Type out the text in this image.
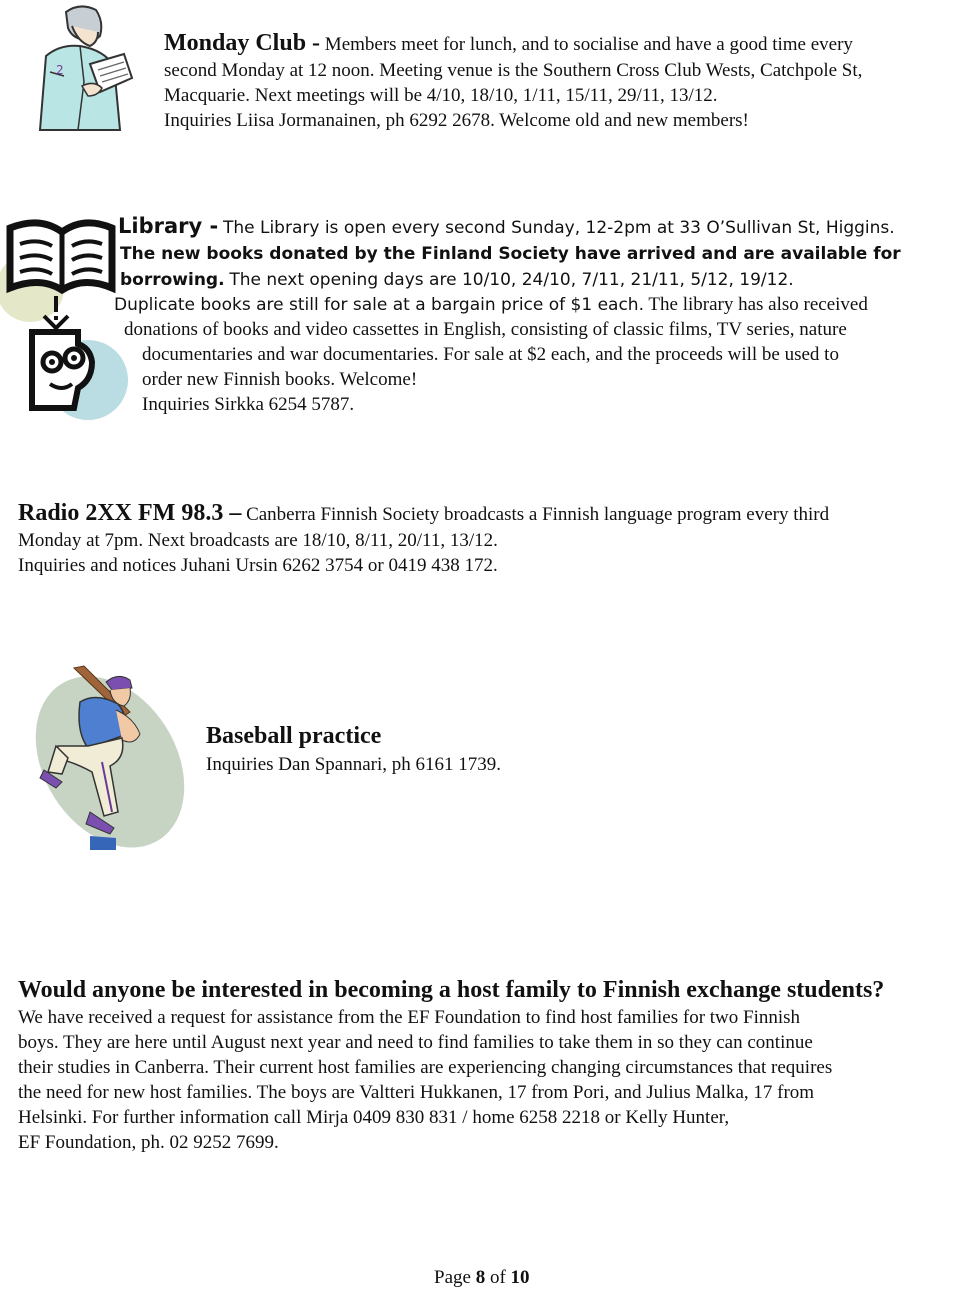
2
Monday Club - Members meet for lunch, and to socialise and have a good time every
second Monday at 12 noon. Meeting venue is the Southern Cross Club Wests, Catchpole St,
Macquarie. Next meetings will be 4/10, 18/10, 1/11, 15/11, 29/11, 13/12.
Inquiries Liisa Jormanainen, ph 6292 2678. Welcome old and new members!
Library - The Library is open every second Sunday, 12-2pm at 33 O’Sullivan St, Higgins.
The new books donated by the Finland Society have arrived and are available for
borrowing. The next opening days are 10/10, 24/10, 7/11, 21/11, 5/12, 19/12.
Duplicate books are still for sale at a bargain price of $1 each. The library has also received
donations of books and video cassettes in English, consisting of classic films, TV series, nature
documentaries and war documentaries. For sale at $2 each, and the proceeds will be used to
order new Finnish books. Welcome!
Inquiries Sirkka 6254 5787.
Radio 2XX FM 98.3 – Canberra Finnish Society broadcasts a Finnish language program every third
Monday at 7pm. Next broadcasts are 18/10, 8/11, 20/11, 13/12.
Inquiries and notices Juhani Ursin 6262 3754 or 0419 438 172.
Baseball practice
Inquiries Dan Spannari, ph 6161 1739.
Would anyone be interested in becoming a host family to Finnish exchange students?
We have received a request for assistance from the EF Foundation to find host families for two Finnish
boys. They are here until August next year and need to find families to take them in so they can continue
their studies in Canberra. Their current host families are experiencing changing circumstances that requires
the need for new host families. The boys are Valtteri Hukkanen, 17 from Pori, and Julius Malka, 17 from
Helsinki. For further information call Mirja 0409 830 831 / home 6258 2218 or Kelly Hunter,
EF Foundation, ph. 02 9252 7699.
Page 8 of 10
